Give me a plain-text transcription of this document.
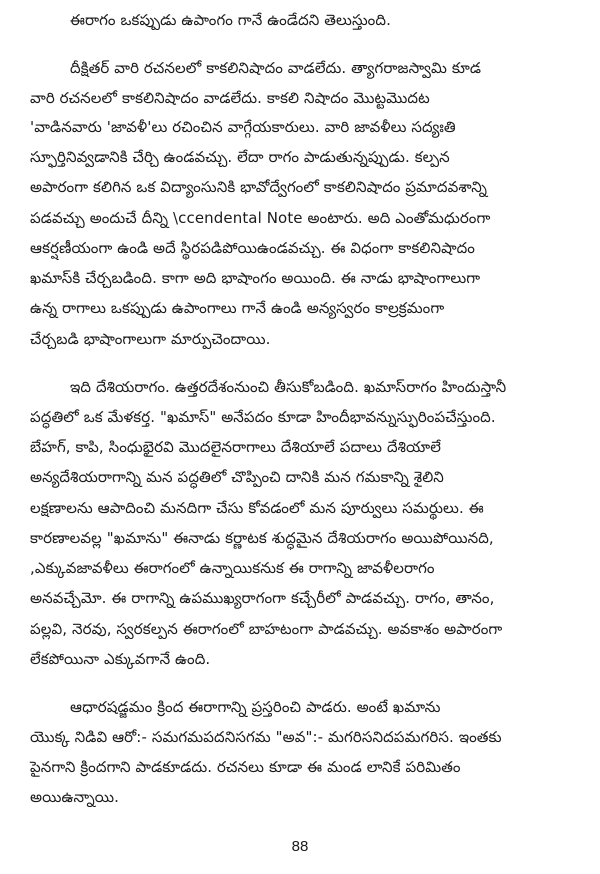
ఈరాగం ఒకప్పుడు ఉపాంగం గానే ఉండేదని తెలుస్తుంది.
దీక్షితర్ వారి రచనలలో కాకలినిషాదం వాడలేదు. త్యాగరాజస్వామి కూడ
వారి రచనలలో కాకలినిషాదం వాడలేదు. కాకలి నిషాదం మొట్టమొదట
'వాడినవారు 'జావళీ'లు రచించిన వాగ్గేయకారులు. వారి జావళీలు సద్యఃతి
స్ఫూర్తినివ్వడానికి చేర్చి ఉండవచ్చు. లేదా రాగం పాడుతున్నప్పుడు. కల్పన
అపారంగా కలిగిన ఒక విద్యాంసునికి భావోద్వేగంలో కాకలినిషాదం ప్రమాదవశాన్ని
పడవచ్చు అందుచే దీన్ని \ccendental Note అంటారు. అది ఎంతోమధురంగా
ఆకర్షణీయంగా ఉండి అదే స్థిరపడిపోయిఉండవచ్చు. ఈ విధంగా కాకలినిషాదం
ఖమాస్‌కి చేర్చబడింది. కాగా అది భాషాంగం అయింది. ఈ నాడు భాషాంగాలుగా
ఉన్న రాగాలు ఒకప్పుడు ఉపాంగాలు గానే ఉండి అన్యస్వరం కాల్రక్రమంగా
చేర్చబడి భాషాంగాలుగా మార్పుచెందాయి.
ఇది దేశియరాగం. ఉత్తరదేశంనుంచి తీసుకోబడింది. ఖమాస్‌రాగం హిందుస్తానీ
పద్ధతిలో ఒక మేళకర్త. "ఖమాస్" అనేపదం కూడా హిందీభావన్నుస్ఫురింపచేస్తుంది.
బేహగ్, కాపి, సింధుభైరవి మొదలైనరాగాలు దేశియాలే పదాలు దేశియాలే
అన్యదేశియరాగాన్ని మన పద్ధతిలో చొప్పించి దానికి మన గమకాన్ని శైలిని
లక్షణాలను ఆపాదించి మనదిగా చేసు కోవడంలో మన పూర్వులు సమర్థులు. ఈ
కారణాలవల్ల "ఖమాను" ఈనాడు కర్ణాటక శుద్ధమైన దేశియరాగం అయిపోయినది,
,ఎక్కువజావళీలు ఈరాగంలో ఉన్నాయికనుక ఈ రాగాన్ని జావళీలరాగం
అనవచ్చేమో. ఈ రాగాన్ని ఉపముఖ్యరాగంగా కచ్చేరీలో పాడవచ్చు. రాగం, తానం,
పల్లవి, నెరవు, స్వరకల్పన ఈరాగంలో బాహటంగా పాడవచ్చు. అవకాశం అపారంగా
లేకపోయినా ఎక్కువగానే ఉంది.
ఆధారషడ్జమం క్రింద ఈరాగాన్ని ప్రస్తరించి పాడరు. అంటే ఖమాను
యొక్క నిడివి ఆరో:- సమగమపదనిసగమ "అవ":- మగరిసనిదపమగరిస. ఇంతకు
పైనగాని క్రిందగాని పాడకూడదు. రచనలు కూడా ఈ మండ లానికే పరిమితం
అయిఉన్నాయి.
88
